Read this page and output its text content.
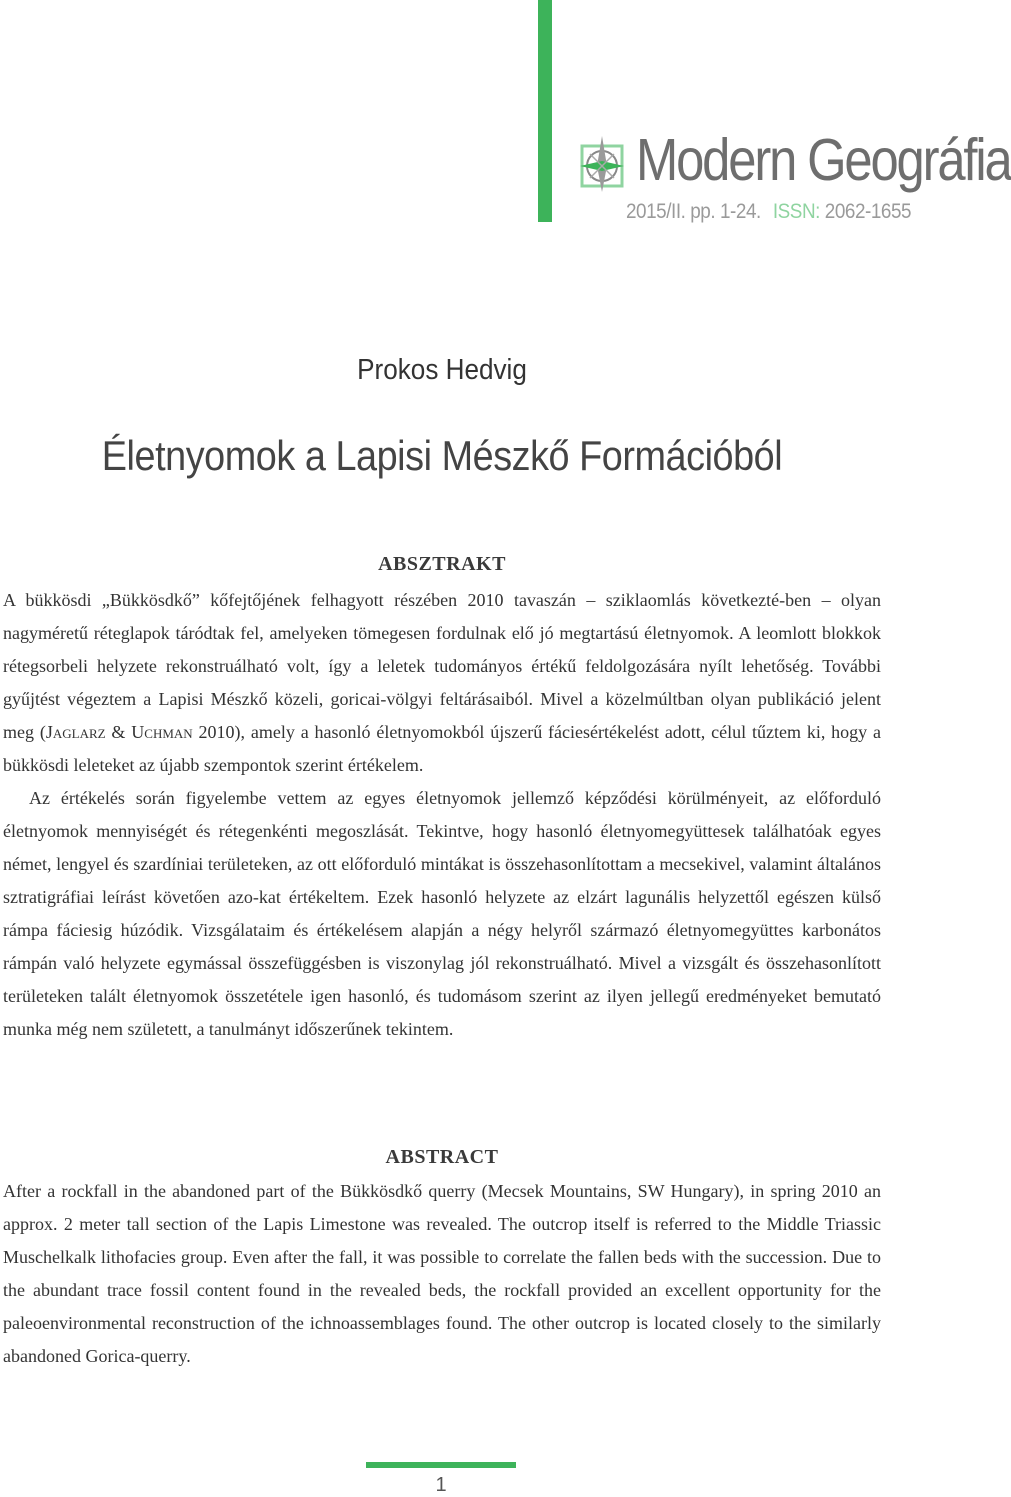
Modern Geográfia
2015/II. pp. 1-24. ISSN: 2062-1655
Prokos Hedvig
Életnyomok a Lapisi Mészkő Formációból
ABSZTRAKT

A bükkösdi „Bükkösdkő” kőfejtőjének felhagyott részében 2010 tavaszán – sziklaomlás következté-ben – olyan nagyméretű réteglapok táródtak fel, amelyeken tömegesen fordulnak elő jó megtartású életnyomok. A leomlott blokkok rétegsorbeli helyzete rekonstruálható volt, így a leletek tudományos értékű feldolgozására nyílt lehetőség. További gyűjtést végeztem a Lapisi Mészkő közeli, goricai-völgyi feltárásaiból. Mivel a közelmúltban olyan publikáció jelent meg (Jaglarz & Uchman 2010), amely a hasonló életnyomokból újszerű fáciesértékelést adott, célul tűztem ki, hogy a bükkösdi leleteket az újabb szempontok szerint értékelem.

Az értékelés során figyelembe vettem az egyes életnyomok jellemző képződési körülményeit, az előforduló életnyomok mennyiségét és rétegenkénti megoszlását. Tekintve, hogy hasonló életnyomegyüttesek találhatóak egyes német, lengyel és szardíniai területeken, az ott előforduló mintákat is összehasonlítottam a mecsekivel, valamint általános sztratigráfiai leírást követően azo-kat értékeltem. Ezek hasonló helyzete az elzárt lagunális helyzettől egészen külső rámpa fáciesig húzódik. Vizsgálataim és értékelésem alapján a négy helyről származó életnyomegyüttes karbonátos rámpán való helyzete egymással összefüggésben is viszonylag jól rekonstruálható. Mivel a vizsgált és összehasonlított területeken talált életnyomok összetétele igen hasonló, és tudomásom szerint az ilyen jellegű eredményeket bemutató munka még nem született, a tanulmányt időszerűnek tekintem.

ABSTRACT

After a rockfall in the abandoned part of the Bükkösdkő querry (Mecsek Mountains, SW Hungary), in spring 2010 an approx. 2 meter tall section of the Lapis Limestone was revealed. The outcrop itself is referred to the Middle Triassic Muschelkalk lithofacies group. Even after the fall, it was possible to correlate the fallen beds with the succession. Due to the abundant trace fossil content found in the revealed beds, the rockfall provided an excellent opportunity for the paleoenvironmental reconstruction of the ichnoassemblages found. The other outcrop is located closely to the similarly abandoned Gorica-querry.

1
